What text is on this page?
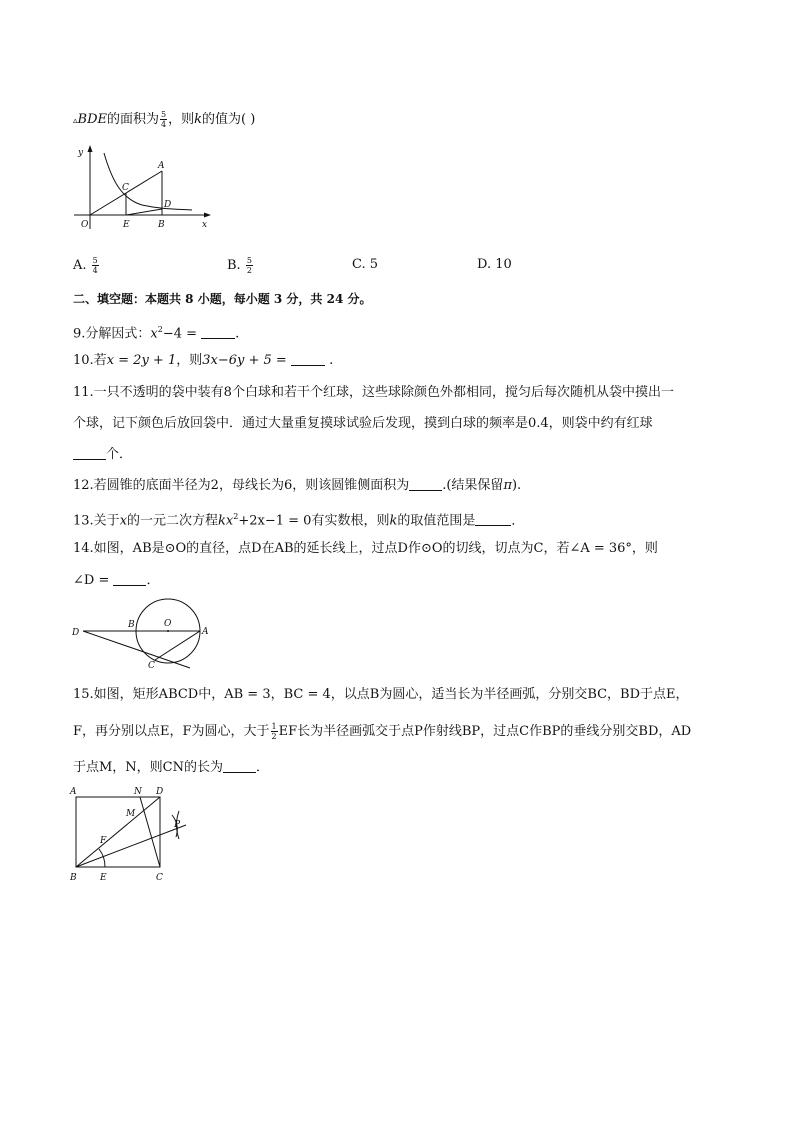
▵BDE的面积为 $\frac{5}{4}$ ，则k的值为( )
y
x
O
C
A
D
E	B
A. $\frac{5}{4}$	B. $\frac{5}{2}$	C. 5	D. 10
二、填空题：本题共 8 小题，每小题 3 分，共 24 分。
9.分解因式：$x^2-4$ =	.
10.若x = 2y + 1，则3x−6y + 5 =	.
11.一只不透明的袋中装有8个白球和若干个红球，这些球除颜色外都相同，搅匀后每次随机从袋中摸出一
个球，记下颜色后放回袋中．通过大量重复摸球试验后发现，摸到白球的频率是0.4，则袋中约有红球
个．
12.若圆锥的底面半径为2，母线长为6，则该圆锥侧面积为	.(结果保留π).
13.关于x的一元二次方程$kx^2+2x-1 = 0$有实数根，则k的取值范围是	．
14.如图，AB是⊙O的直径，点D在AB的延长线上，过点D作⊙O的切线，切点为C，若∠A = 36°，则
∠D =	．
D
B	O
A
C
15.如图，矩形ABCD中，AB = 3，BC = 4，以点B为圆心，适当长为半径画弧，分别交BC，BD于点E，
F，再分别以点E，F为圆心，大于 $\frac{1}{2}$ EF长为半径画弧交于点P作射线BP，过点C作BP的垂线分别交BD，AD
于点M，N，则CN的长为	．
A	N D
M
P
F
B	E	C
